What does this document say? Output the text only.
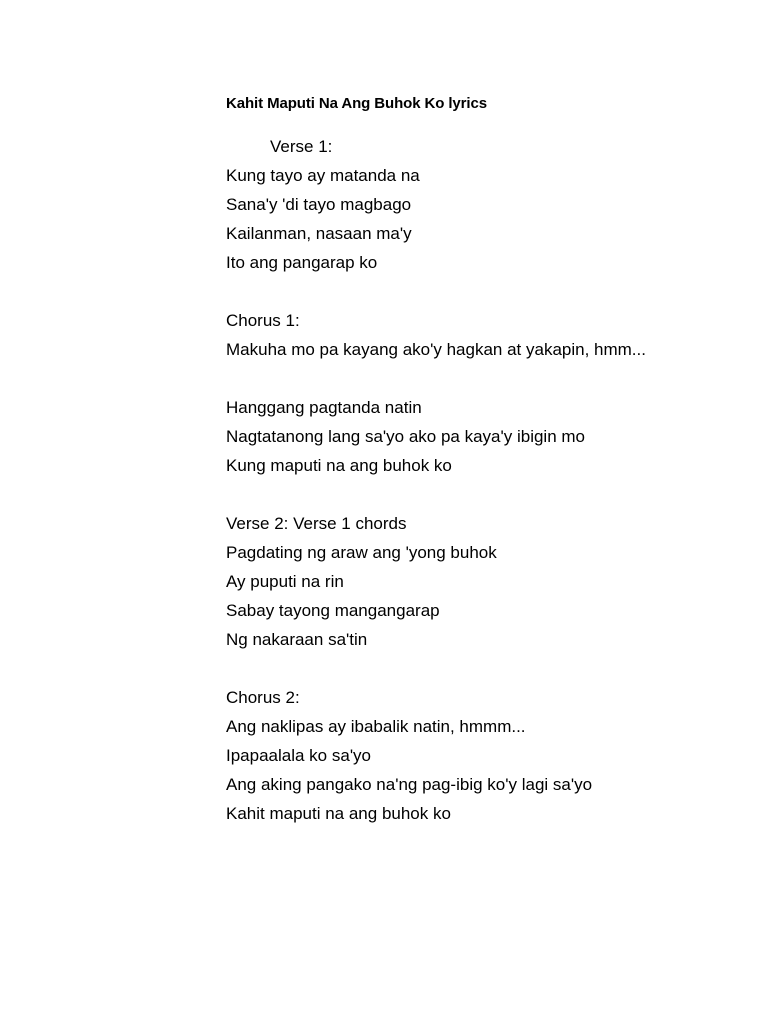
Kahit Maputi Na Ang Buhok Ko lyrics
Verse 1:
Kung tayo ay matanda na
Sana'y 'di tayo magbago
Kailanman, nasaan ma'y
Ito ang pangarap ko
Chorus 1:
Makuha mo pa kayang ako'y hagkan at yakapin, hmm...
Hanggang pagtanda natin
Nagtatanong lang sa'yo ako pa kaya'y ibigin mo
Kung maputi na ang buhok ko
Verse 2: Verse 1 chords
Pagdating ng araw ang 'yong buhok
Ay puputi na rin
Sabay tayong mangangarap
Ng nakaraan sa'tin
Chorus 2:
Ang naklipas ay ibabalik natin, hmmm...
Ipapaalala ko sa'yo
Ang aking pangako na'ng pag-ibig ko'y lagi sa'yo
Kahit maputi na ang buhok ko
